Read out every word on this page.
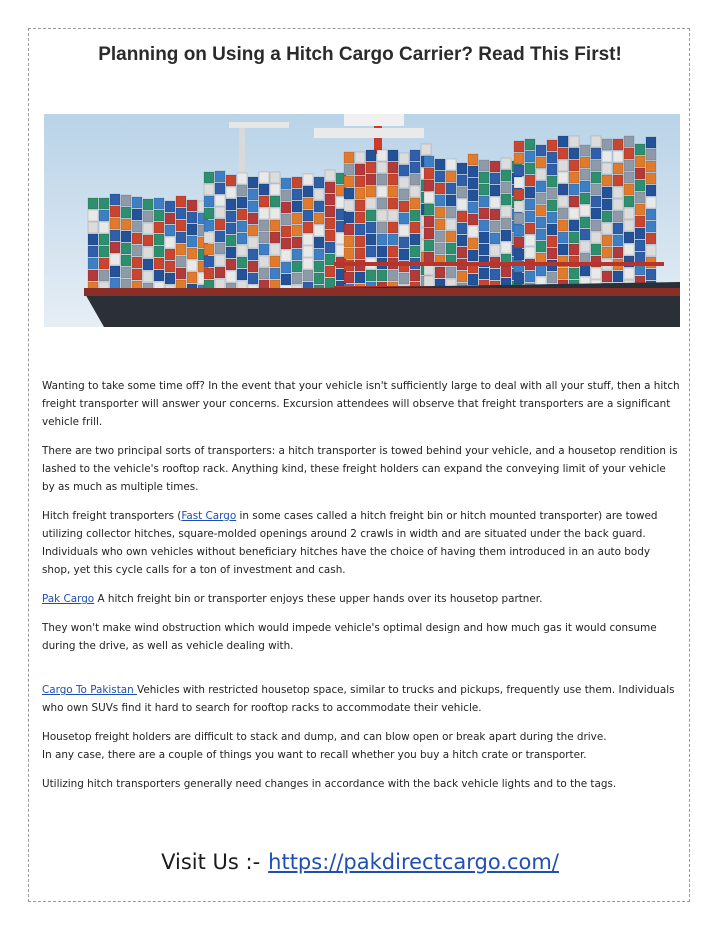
Planning on Using a Hitch Cargo Carrier? Read This First!

Wanting to take some time off? In the event that your vehicle isn't sufficiently large to deal with all your stuff, then a hitch freight transporter will answer your concerns. Excursion attendees will observe that freight transporters are a significant vehicle frill.

There are two principal sorts of transporters: a hitch transporter is towed behind your vehicle, and a housetop rendition is lashed to the vehicle's rooftop rack. Anything kind, these freight holders can expand the conveying limit of your vehicle by as much as multiple times.

Hitch freight transporters (Fast Cargo in some cases called a hitch freight bin or hitch mounted transporter) are towed utilizing collector hitches, square-molded openings around 2 crawls in width and are situated under the back guard. Individuals who own vehicles without beneficiary hitches have the choice of having them introduced in an auto body shop, yet this cycle calls for a ton of investment and cash.

Pak Cargo A hitch freight bin or transporter enjoys these upper hands over its housetop partner.

They won't make wind obstruction which would impede vehicle's optimal design and how much gas it would consume during the drive, as well as vehicle dealing with.

Cargo To Pakistan Vehicles with restricted housetop space, similar to trucks and pickups, frequently use them. Individuals who own SUVs find it hard to search for rooftop racks to accommodate their vehicle.

Housetop freight holders are difficult to stack and dump, and can blow open or break apart during the drive.
In any case, there are a couple of things you want to recall whether you buy a hitch crate or transporter.

Utilizing hitch transporters generally need changes in accordance with the back vehicle lights and to the tags.

Visit Us :- https://pakdirectcargo.com/
